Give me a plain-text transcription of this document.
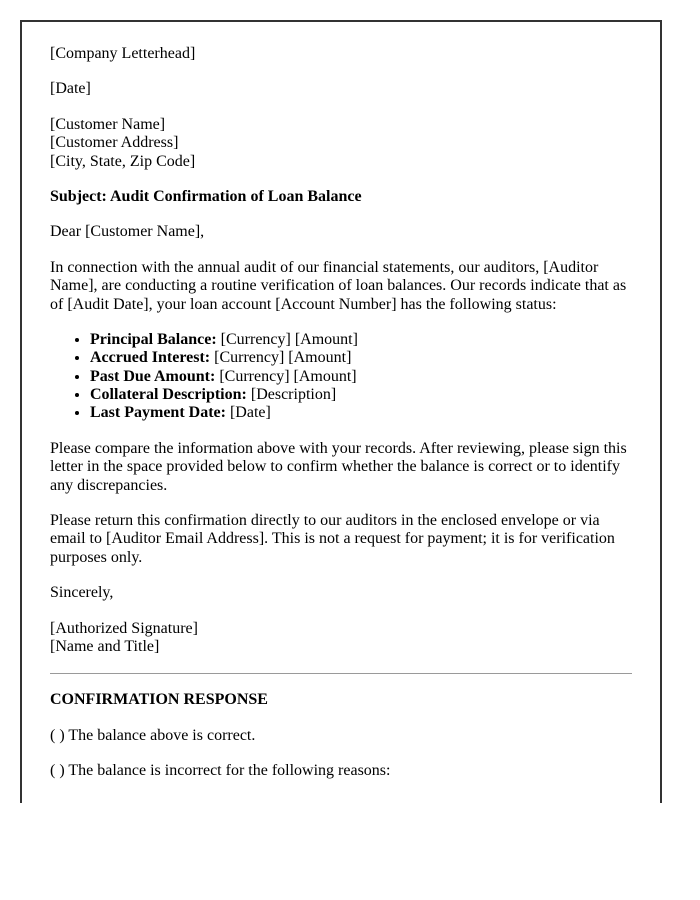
[Company Letterhead]

[Date]

[Customer Name]
[Customer Address]
[City, State, Zip Code]

Subject: Audit Confirmation of Loan Balance

Dear [Customer Name],

In connection with the annual audit of our financial statements, our auditors, [Auditor Name], are conducting a routine verification of loan balances. Our records indicate that as of [Audit Date], your loan account [Account Number] has the following status:

• Principal Balance: [Currency] [Amount]
• Accrued Interest: [Currency] [Amount]
• Past Due Amount: [Currency] [Amount]
• Collateral Description: [Description]
• Last Payment Date: [Date]

Please compare the information above with your records. After reviewing, please sign this letter in the space provided below to confirm whether the balance is correct or to identify any discrepancies.

Please return this confirmation directly to our auditors in the enclosed envelope or via email to [Auditor Email Address]. This is not a request for payment; it is for verification purposes only.

Sincerely,

[Authorized Signature]
[Name and Title]

CONFIRMATION RESPONSE

( ) The balance above is correct.

( ) The balance is incorrect for the following reasons:
